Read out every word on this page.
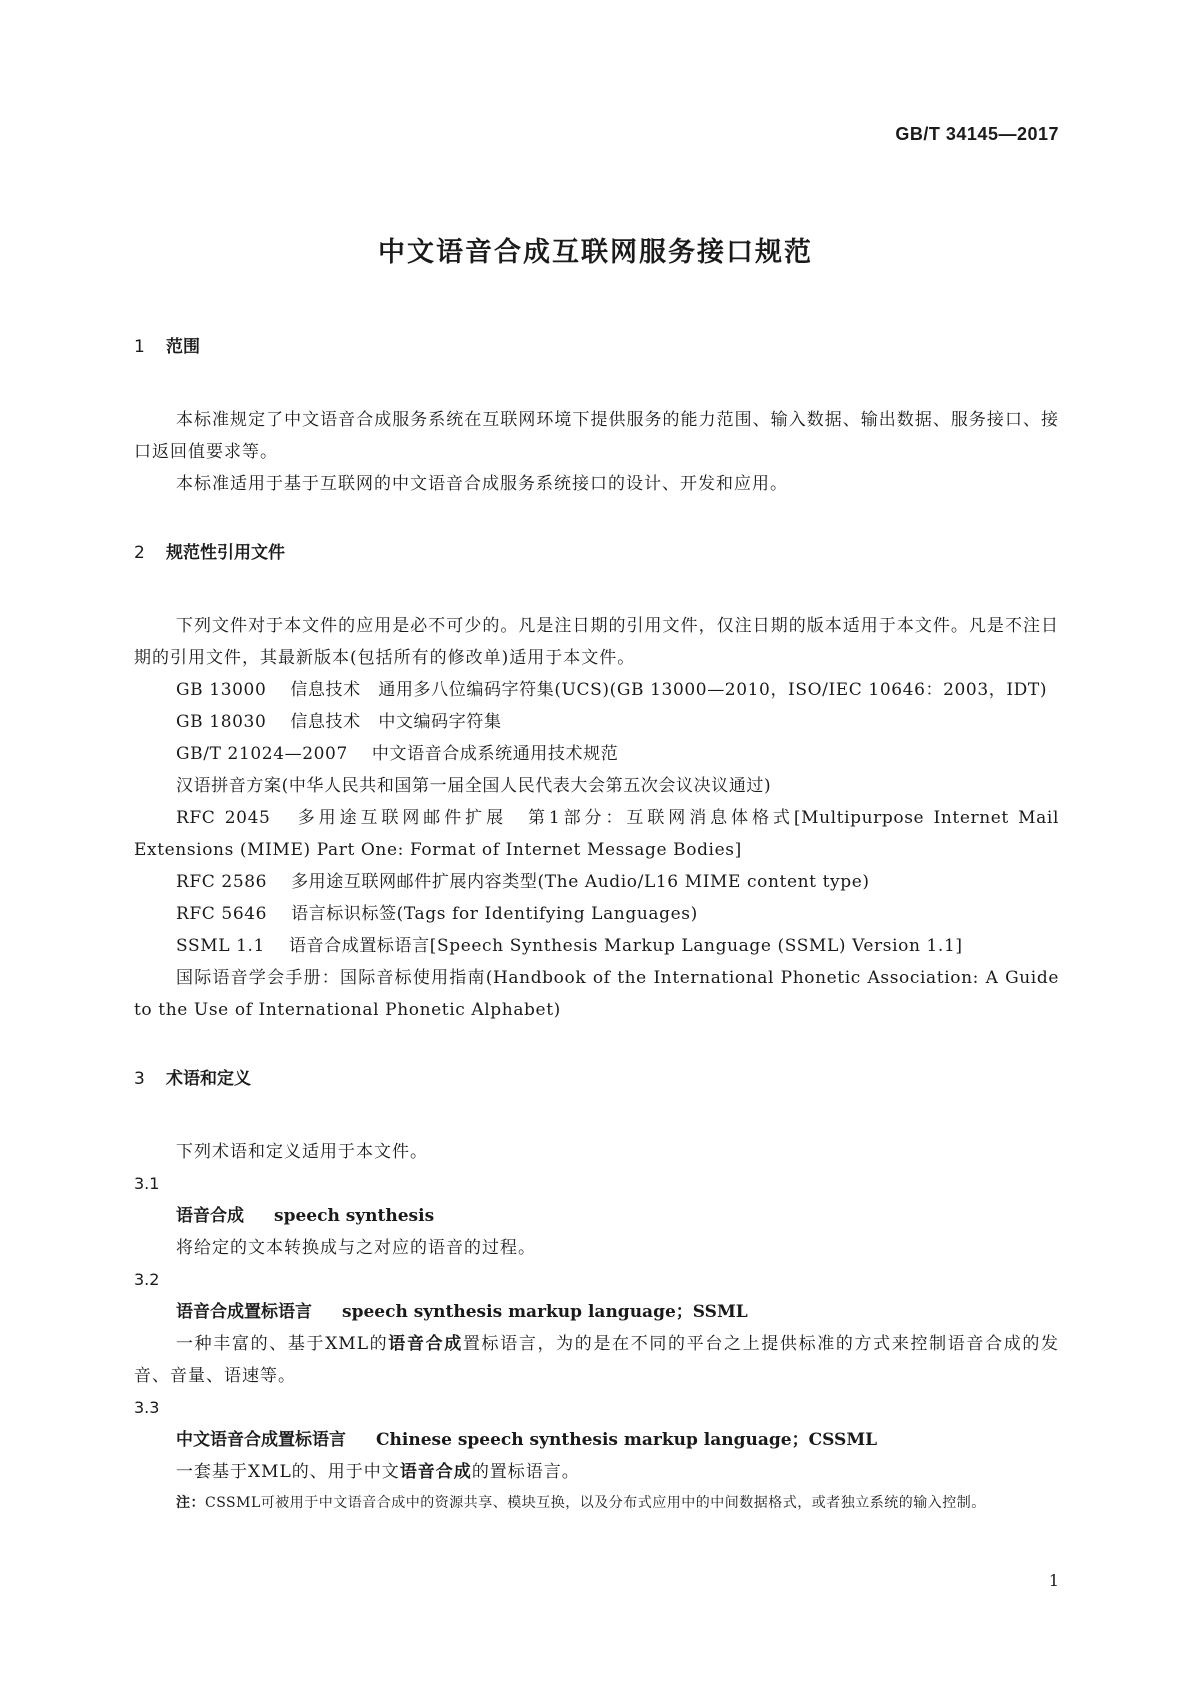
GB/T 34145—2017
中文语音合成互联网服务接口规范
1 范围
本标准规定了中文语音合成服务系统在互联网环境下提供服务的能力范围、输入数据、输出数据、服务接口、接口返回值要求等。
本标准适用于基于互联网的中文语音合成服务系统接口的设计、开发和应用。
2 规范性引用文件
下列文件对于本文件的应用是必不可少的。凡是注日期的引用文件，仅注日期的版本适用于本文件。凡是不注日期的引用文件，其最新版本(包括所有的修改单)适用于本文件。
GB 13000 信息技术　通用多八位编码字符集(UCS)(GB 13000—2010，ISO/IEC 10646：2003，IDT)
GB 18030 信息技术　中文编码字符集
GB/T 21024—2007 中文语音合成系统通用技术规范
汉语拼音方案(中华人民共和国第一届全国人民代表大会第五次会议决议通过)
RFC 2045 多用途互联网邮件扩展　第1部分：互联网消息体格式[Multipurpose Internet Mail Extensions (MIME) Part One: Format of Internet Message Bodies]
RFC 2586 多用途互联网邮件扩展内容类型(The Audio/L16 MIME content type)
RFC 5646 语言标识标签(Tags for Identifying Languages)
SSML 1.1 语音合成置标语言[Speech Synthesis Markup Language (SSML) Version 1.1]
国际语音学会手册：国际音标使用指南(Handbook of the International Phonetic Association: A Guide to the Use of International Phonetic Alphabet)
3 术语和定义
下列术语和定义适用于本文件。
3.1
语音合成 speech synthesis
将给定的文本转换成与之对应的语音的过程。
3.2
语音合成置标语言 speech synthesis markup language；SSML
一种丰富的、基于XML的语音合成置标语言，为的是在不同的平台之上提供标准的方式来控制语音合成的发音、音量、语速等。
3.3
中文语音合成置标语言 Chinese speech synthesis markup language；CSSML
一套基于XML的、用于中文语音合成的置标语言。
注：CSSML可被用于中文语音合成中的资源共享、模块互换，以及分布式应用中的中间数据格式，或者独立系统的输入控制。
1
